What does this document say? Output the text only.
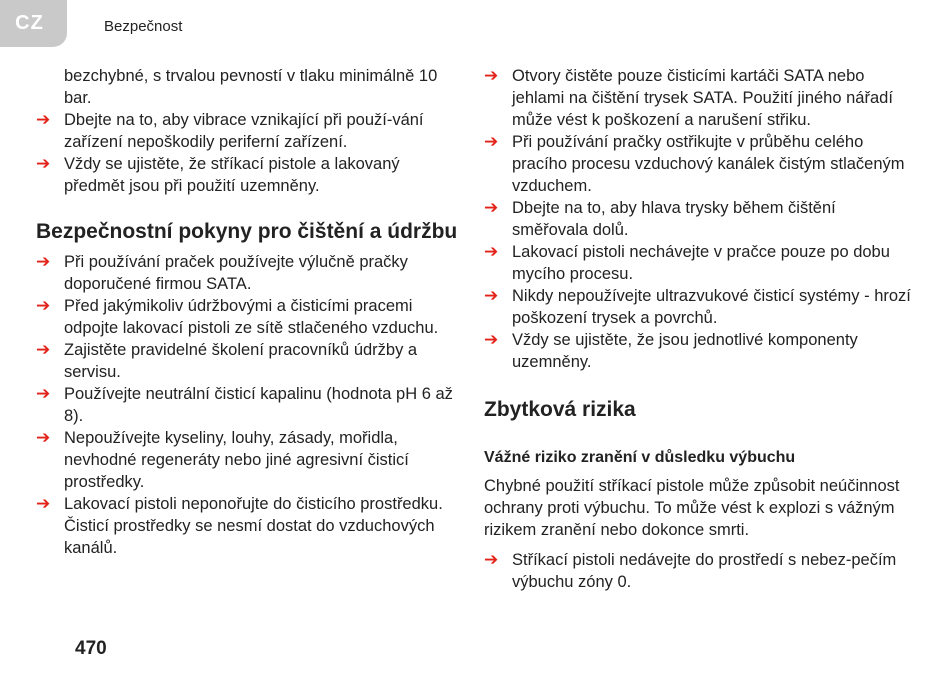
CZ	Bezpečnost

bezchybné, s trvalou pevností v tlaku minimálně 10 bar.

➔ Dbejte na to, aby vibrace vznikající při použí-vání zařízení nepoškodily periferní zařízení.

➔ Vždy se ujistěte, že stříkací pistole a lakovaný předmět jsou při použití uzemněny.

Bezpečnostní pokyny pro čištění a údržbu

➔ Při používání praček používejte výlučně pračky doporučené firmou SATA.

➔ Před jakýmikoliv údržbovými a čisticími pracemi odpojte lakovací pistoli ze sítě stlačeného vzduchu.

➔ Zajistěte pravidelné školení pracovníků údržby a servisu.

➔ Používejte neutrální čisticí kapalinu (hodnota pH 6 až 8).

➔ Nepoužívejte kyseliny, louhy, zásady, mořidla, nevhodné regeneráty nebo jiné agresivní čisticí prostředky.

➔ Lakovací pistoli neponořujte do čisticího prostředku. Čisticí prostředky se nesmí dostat do vzduchových kanálů.

➔ Otvory čistěte pouze čisticími kartáči SATA nebo jehlami na čištění trysek SATA. Použití jiného nářadí může vést k poškození a narušení střiku.

➔ Při používání pračky ostřikujte v průběhu celého pracího procesu vzduchový kanálek čistým stlačeným vzduchem.

➔ Dbejte na to, aby hlava trysky během čištění směřovala dolů.

➔ Lakovací pistoli nechávejte v pračce pouze po dobu mycího procesu.

➔ Nikdy nepoužívejte ultrazvukové čisticí systémy - hrozí poškození trysek a povrchů.

➔ Vždy se ujistěte, že jsou jednotlivé komponenty uzemněny.

Zbytková rizika
Vážné riziko zranění v důsledku výbuchu

Chybné použití stříkací pistole může způsobit neúčinnost ochrany proti výbuchu. To může vést k explozi s vážným rizikem zranění nebo dokonce smrti.

➔ Stříkací pistoli nedávejte do prostředí s nebez-pečím výbuchu zóny 0.

470
